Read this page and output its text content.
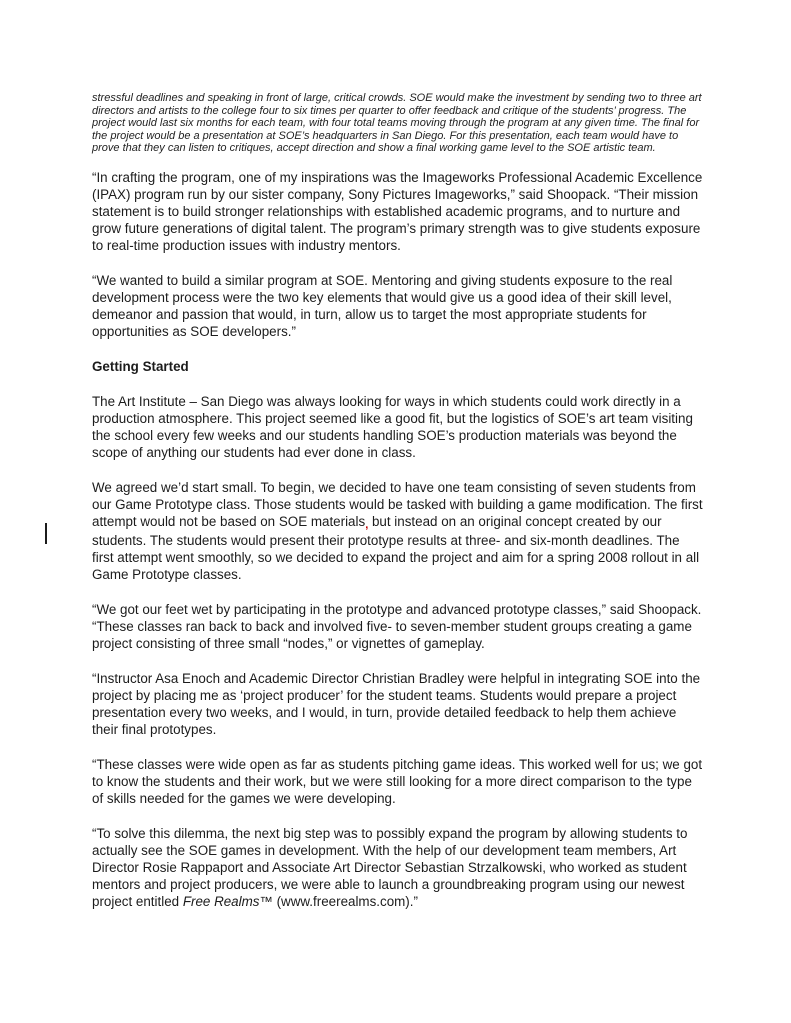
stressful deadlines and speaking in front of large, critical crowds. SOE would make the investment by sending two to three art directors and artists to the college four to six times per quarter to offer feedback and critique of the students’ progress. The project would last six months for each team, with four total teams moving through the program at any given time. The final for the project would be a presentation at SOE’s headquarters in San Diego. For this presentation, each team would have to prove that they can listen to critiques, accept direction and show a final working game level to the SOE artistic team.

“In crafting the program, one of my inspirations was the Imageworks Professional Academic Excellence (IPAX) program run by our sister company, Sony Pictures Imageworks,” said Shoopack. “Their mission statement is to build stronger relationships with established academic programs, and to nurture and grow future generations of digital talent. The program’s primary strength was to give students exposure to real-time production issues with industry mentors.

“We wanted to build a similar program at SOE. Mentoring and giving students exposure to the real development process were the two key elements that would give us a good idea of their skill level, demeanor and passion that would, in turn, allow us to target the most appropriate students for opportunities as SOE developers.”

Getting Started

The Art Institute – San Diego was always looking for ways in which students could work directly in a production atmosphere. This project seemed like a good fit, but the logistics of SOE’s art team visiting the school every few weeks and our students handling SOE’s production materials was beyond the scope of anything our students had ever done in class.

We agreed we’d start small. To begin, we decided to have one team consisting of seven students from our Game Prototype class. Those students would be tasked with building a game modification. The first attempt would not be based on SOE materials, but instead on an original concept created by our students. The students would present their prototype results at three- and six-month deadlines. The first attempt went smoothly, so we decided to expand the project and aim for a spring 2008 rollout in all Game Prototype classes.

“We got our feet wet by participating in the prototype and advanced prototype classes,” said Shoopack. “These classes ran back to back and involved five- to seven-member student groups creating a game project consisting of three small “nodes,” or vignettes of gameplay.

“Instructor Asa Enoch and Academic Director Christian Bradley were helpful in integrating SOE into the project by placing me as ‘project producer’ for the student teams. Students would prepare a project presentation every two weeks, and I would, in turn, provide detailed feedback to help them achieve their final prototypes.

“These classes were wide open as far as students pitching game ideas. This worked well for us; we got to know the students and their work, but we were still looking for a more direct comparison to the type of skills needed for the games we were developing.

“To solve this dilemma, the next big step was to possibly expand the program by allowing students to actually see the SOE games in development. With the help of our development team members, Art Director Rosie Rappaport and Associate Art Director Sebastian Strzalkowski, who worked as student mentors and project producers, we were able to launch a groundbreaking program using our newest project entitled Free Realms™ (www.freerealms.com).”
